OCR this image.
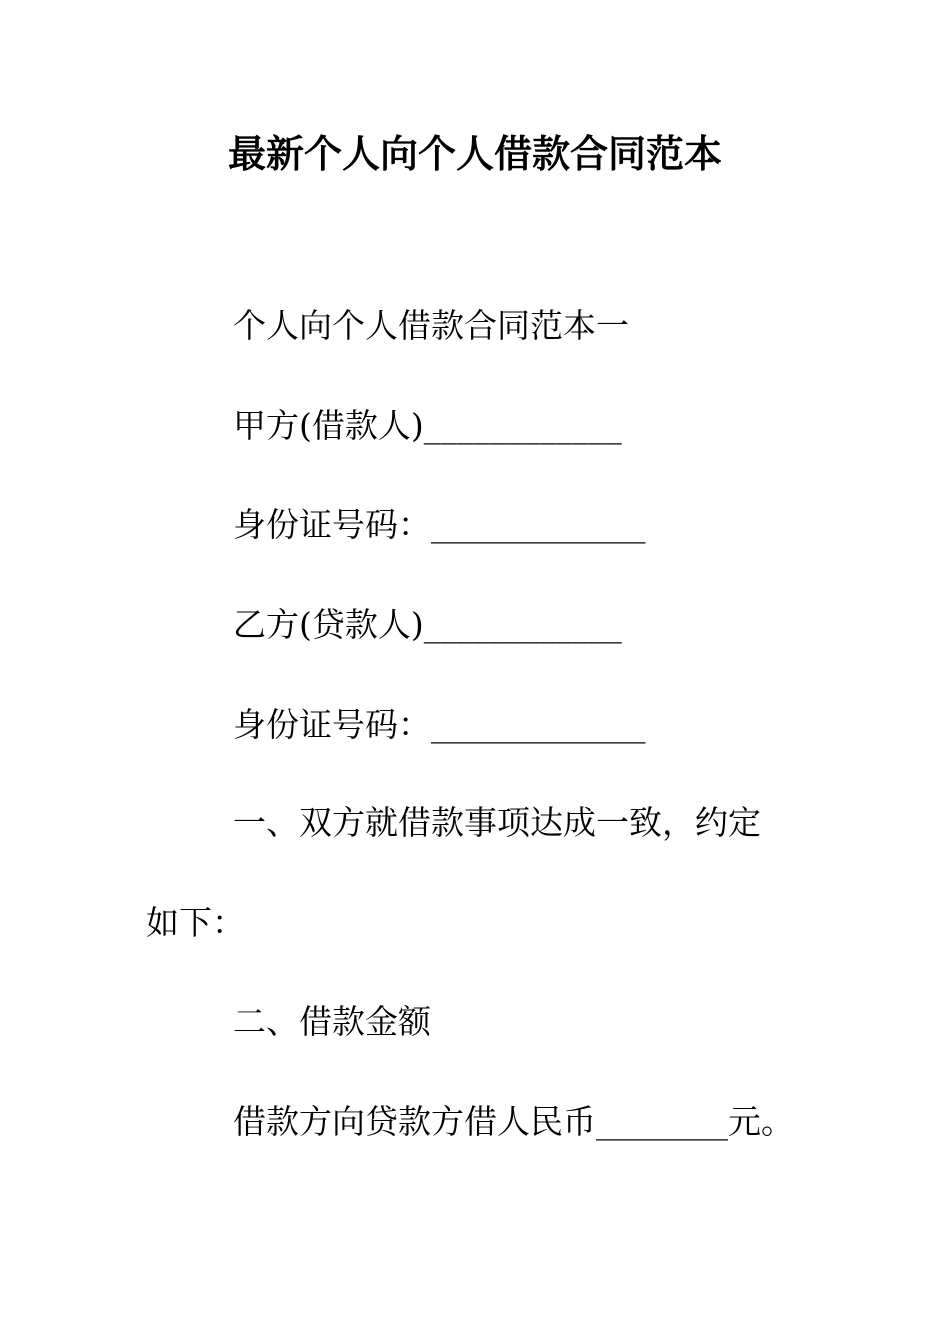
最新个人向个人借款合同范本
个人向个人借款合同范本一
甲方(借款人)____________
身份证号码：_____________
乙方(贷款人)____________
身份证号码：_____________
一、双方就借款事项达成一致，约定
如下：
二、借款金额
借款方向贷款方借人民币________元。
